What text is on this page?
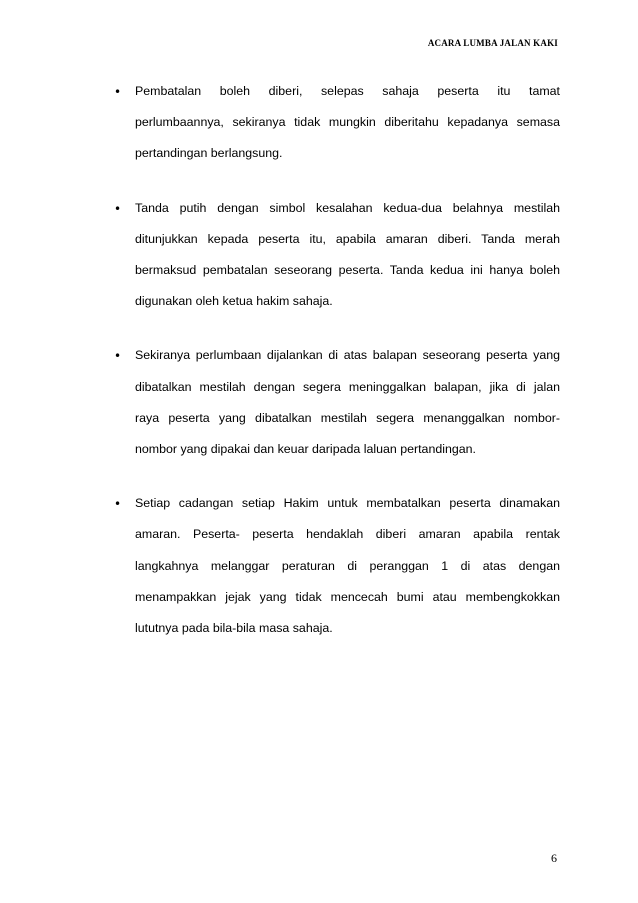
ACARA LUMBA JALAN KAKI
•	Pembatalan boleh diberi, selepas sahaja peserta itu tamat
perlumbaannya, sekiranya tidak mungkin diberitahu kepadanya semasa
pertandingan berlangsung.
•	Tanda putih dengan simbol kesalahan kedua-dua belahnya mestilah
ditunjukkan kepada peserta itu, apabila amaran diberi. Tanda merah
bermaksud pembatalan seseorang peserta. Tanda kedua ini hanya boleh
digunakan oleh ketua hakim sahaja.
•	Sekiranya perlumbaan dijalankan di atas balapan seseorang peserta yang
dibatalkan mestilah dengan segera meninggalkan balapan, jika di jalan
raya peserta yang dibatalkan mestilah segera menanggalkan nombor-
nombor yang dipakai dan keuar daripada laluan pertandingan.
•	Setiap cadangan setiap Hakim untuk membatalkan peserta dinamakan
amaran. Peserta- peserta hendaklah diberi amaran apabila rentak
langkahnya melanggar peraturan di peranggan 1 di atas dengan
menampakkan jejak yang tidak mencecah bumi atau membengkokkan
lututnya pada bila-bila masa sahaja.
6
